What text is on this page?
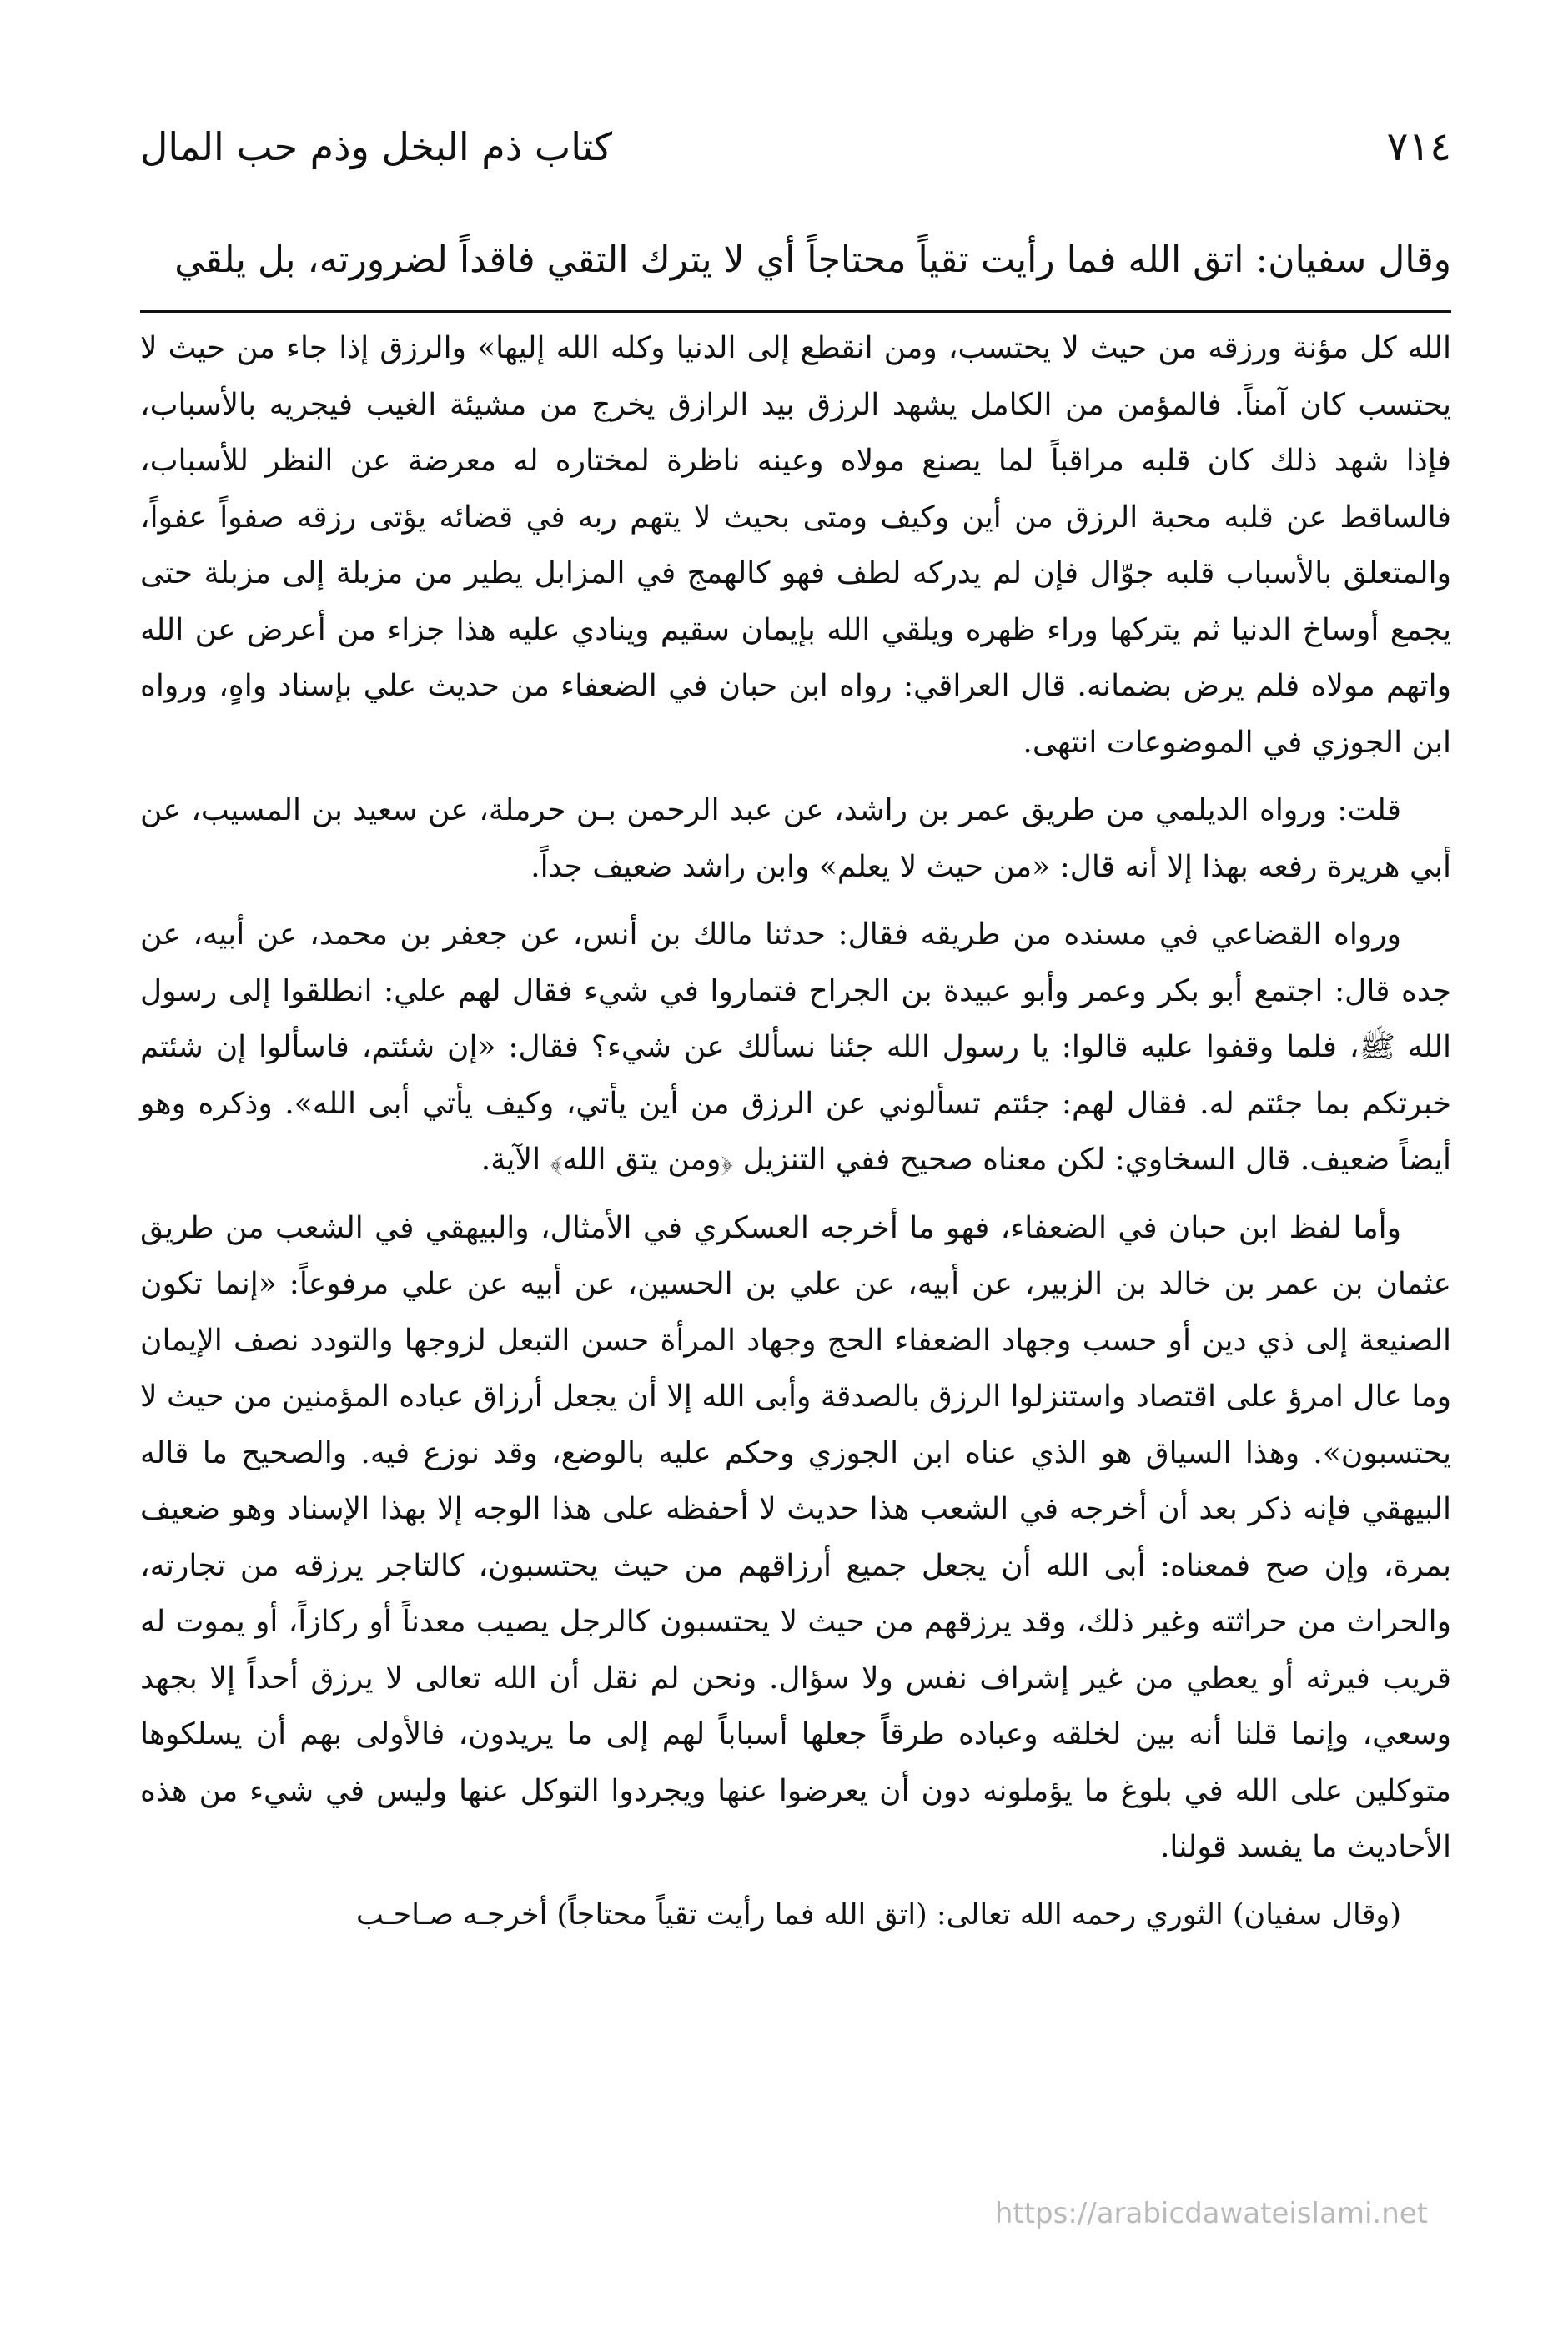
٧١٤
كتاب ذم البخل وذم حب المال
وقال سفيان: اتق الله فما رأيت تقياً محتاجاً أي لا يترك التقي فاقداً لضرورته، بل يلقي

الله كل مؤنة ورزقه من حيث لا يحتسب، ومن انقطع إلى الدنيا وكله الله إليها» والرزق إذا جاء من حيث لا يحتسب كان آمناً. فالمؤمن من الكامل يشهد الرزق بيد الرازق يخرج من مشيئة الغيب فيجريه بالأسباب، فإذا شهد ذلك كان قلبه مراقباً لما يصنع مولاه وعينه ناظرة لمختاره له معرضة عن النظر للأسباب، فالساقط عن قلبه محبة الرزق من أين وكيف ومتى بحيث لا يتهم ربه في قضائه يؤتى رزقه صفواً عفواً، والمتعلق بالأسباب قلبه جوّال فإن لم يدركه لطف فهو كالهمج في المزابل يطير من مزبلة إلى مزبلة حتى يجمع أوساخ الدنيا ثم يتركها وراء ظهره ويلقي الله بإيمان سقيم وينادي عليه هذا جزاء من أعرض عن الله واتهم مولاه فلم يرض بضمانه. قال العراقي: رواه ابن حبان في الضعفاء من حديث علي بإسناد واهٍ، ورواه ابن الجوزي في الموضوعات انتهى.

قلت: ورواه الديلمي من طريق عمر بن راشد، عن عبد الرحمن بـن حرملة، عن سعيد بن المسيب، عن أبي هريرة رفعه بهذا إلا أنه قال: «من حيث لا يعلم» وابن راشد ضعيف جداً.

ورواه القضاعي في مسنده من طريقه فقال: حدثنا مالك بن أنس، عن جعفر بن محمد، عن أبيه، عن جده قال: اجتمع أبو بكر وعمر وأبو عبيدة بن الجراح فتماروا في شيء فقال لهم علي: انطلقوا إلى رسول الله ﷺ، فلما وقفوا عليه قالوا: يا رسول الله جئنا نسألك عن شيء؟ فقال: «إن شئتم، فاسألوا إن شئتم خبرتكم بما جئتم له. فقال لهم: جئتم تسألوني عن الرزق من أين يأتي، وكيف يأتي أبى الله». وذكره وهو أيضاً ضعيف. قال السخاوي: لكن معناه صحيح ففي التنزيل ﴿ومن يتق الله﴾ الآية.

وأما لفظ ابن حبان في الضعفاء، فهو ما أخرجه العسكري في الأمثال، والبيهقي في الشعب من طريق عثمان بن عمر بن خالد بن الزبير، عن أبيه، عن علي بن الحسين، عن أبيه عن علي مرفوعاً: «إنما تكون الصنيعة إلى ذي دين أو حسب وجهاد الضعفاء الحج وجهاد المرأة حسن التبعل لزوجها والتودد نصف الإيمان وما عال امرؤ على اقتصاد واستنزلوا الرزق بالصدقة وأبى الله إلا أن يجعل أرزاق عباده المؤمنين من حيث لا يحتسبون». وهذا السياق هو الذي عناه ابن الجوزي وحكم عليه بالوضع، وقد نوزع فيه. والصحيح ما قاله البيهقي فإنه ذكر بعد أن أخرجه في الشعب هذا حديث لا أحفظه على هذا الوجه إلا بهذا الإسناد وهو ضعيف بمرة، وإن صح فمعناه: أبى الله أن يجعل جميع أرزاقهم من حيث يحتسبون، كالتاجر يرزقه من تجارته، والحراث من حراثته وغير ذلك، وقد يرزقهم من حيث لا يحتسبون كالرجل يصيب معدناً أو ركازاً، أو يموت له قريب فيرثه أو يعطي من غير إشراف نفس ولا سؤال. ونحن لم نقل أن الله تعالى لا يرزق أحداً إلا بجهد وسعي، وإنما قلنا أنه بين لخلقه وعباده طرقاً جعلها أسباباً لهم إلى ما يريدون، فالأولى بهم أن يسلكوها متوكلين على الله في بلوغ ما يؤملونه دون أن يعرضوا عنها ويجردوا التوكل عنها وليس في شيء من هذه الأحاديث ما يفسد قولنا.

(وقال سفيان) الثوري رحمه الله تعالى: (اتق الله فما رأيت تقياً محتاجاً) أخرجـه صـاحـب

https://arabicdawateislami.net
